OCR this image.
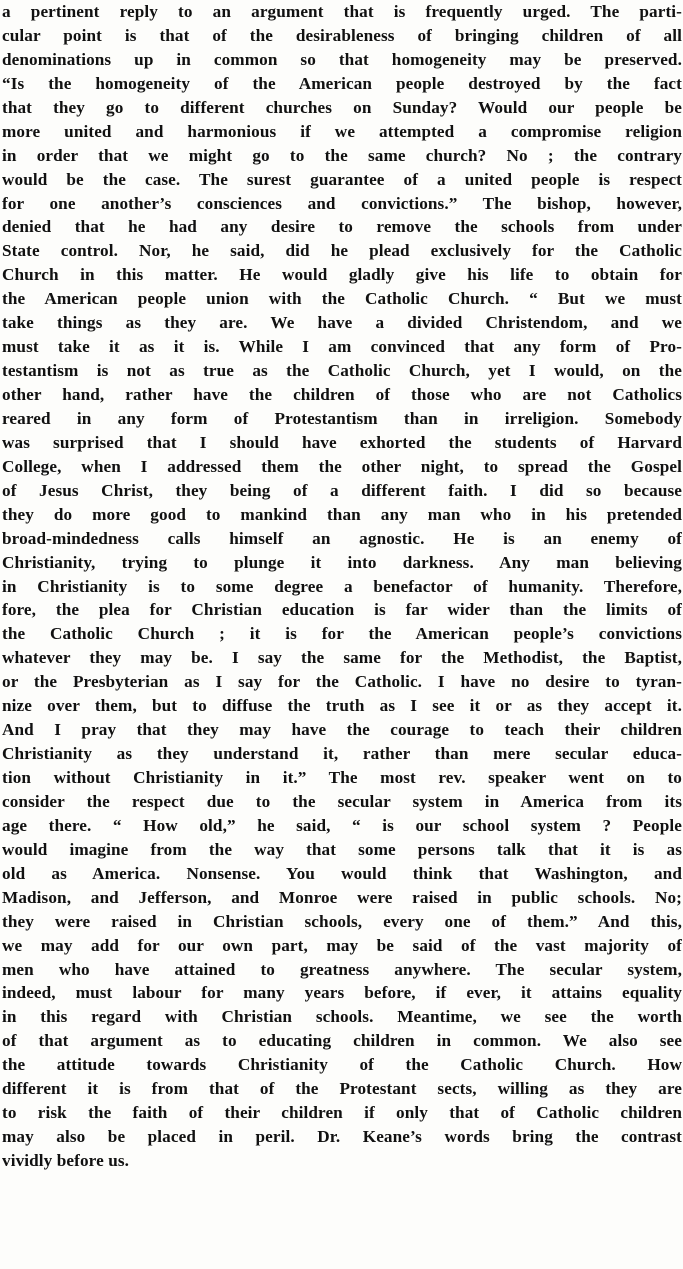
a pertinent reply to an argument that is frequently urged. The parti-
cular point is that of the desirableness of bringing children of all
denominations up in common so that homogeneity may be preserved.
“Is the homogeneity of the American people destroyed by the fact
that they go to different churches on Sunday? Would our people be
more united and harmonious if we attempted a compromise religion
in order that we might go to the same church? No ; the contrary
would be the case. The surest guarantee of a united people is respect
for one another’s consciences and convictions.” The bishop, however,
denied that he had any desire to remove the schools from under
State control. Nor, he said, did he plead exclusively for the Catholic
Church in this matter. He would gladly give his life to obtain for
the American people union with the Catholic Church. “ But we must
take things as they are. We have a divided Christendom, and we
must take it as it is. While I am convinced that any form of Pro-
testantism is not as true as the Catholic Church, yet I would, on the
other hand, rather have the children of those who are not Catholics
reared in any form of Protestantism than in irreligion. Somebody
was surprised that I should have exhorted the students of Harvard
College, when I addressed them the other night, to spread the Gospel
of Jesus Christ, they being of a different faith. I did so because
they do more good to mankind than any man who in his pretended
broad-mindedness calls himself an agnostic. He is an enemy of
Christianity, trying to plunge it into darkness. Any man believing
in Christianity is to some degree a benefactor of humanity. Therefore,
fore, the plea for Christian education is far wider than the limits of
the Catholic Church ; it is for the American people’s convictions
whatever they may be. I say the same for the Methodist, the Baptist,
or the Presbyterian as I say for the Catholic. I have no desire to tyran-
nize over them, but to diffuse the truth as I see it or as they accept it.
And I pray that they may have the courage to teach their children
Christianity as they understand it, rather than mere secular educa-
tion without Christianity in it.” The most rev. speaker went on to
consider the respect due to the secular system in America from its
age there. “ How old,” he said, “ is our school system ? People
would imagine from the way that some persons talk that it is as
old as America. Nonsense. You would think that Washington, and
Madison, and Jefferson, and Monroe were raised in public schools. No;
they were raised in Christian schools, every one of them.” And this,
we may add for our own part, may be said of the vast majority of
men who have attained to greatness anywhere. The secular system,
indeed, must labour for many years before, if ever, it attains equality
in this regard with Christian schools. Meantime, we see the worth
of that argument as to educating children in common. We also see
the attitude towards Christianity of the Catholic Church. How
different it is from that of the Protestant sects, willing as they are
to risk the faith of their children if only that of Catholic children
may also be placed in peril. Dr. Keane’s words bring the contrast
vividly before us.
